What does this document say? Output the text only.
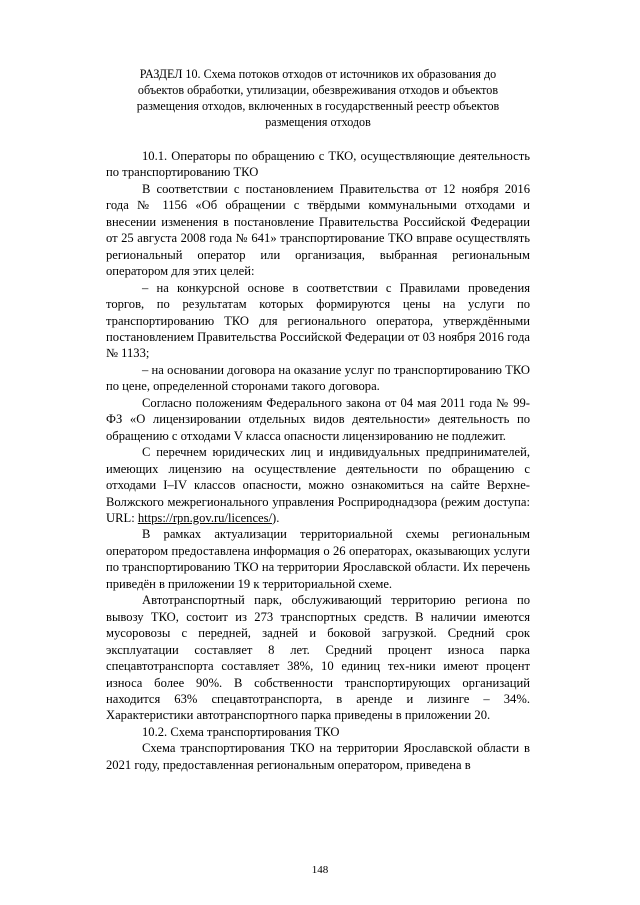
РАЗДЕЛ 10. Схема потоков отходов от источников их образования до
объектов обработки, утилизации, обезвреживания отходов и объектов
размещения отходов, включенных в государственный реестр объектов
размещения отходов

10.1. Операторы по обращению с ТКО, осуществляющие деятельность по транспортированию ТКО

В соответствии с постановлением Правительства от 12 ноября 2016 года № 1156 «Об обращении с твёрдыми коммунальными отходами и внесении изменения в постановление Правительства Российской Федерации от 25 августа 2008 года № 641» транспортирование ТКО вправе осуществлять региональный оператор или организация, выбранная региональным оператором для этих целей:

– на конкурсной основе в соответствии с Правилами проведения торгов, по результатам которых формируются цены на услуги по транспортированию ТКО для регионального оператора, утверждёнными постановлением Правительства Российской Федерации от 03 ноября 2016 года № 1133;

– на основании договора на оказание услуг по транспортированию ТКО по цене, определенной сторонами такого договора.

Согласно положениям Федерального закона от 04 мая 2011 года № 99-ФЗ «О лицензировании отдельных видов деятельности» деятельность по обращению с отходами V класса опасности лицензированию не подлежит.

С перечнем юридических лиц и индивидуальных предпринимателей, имеющих лицензию на осуществление деятельности по обращению с отходами I–IV классов опасности, можно ознакомиться на сайте Верхне-Волжского межрегионального управления Росприроднадзора (режим доступа: URL: https://rpn.gov.ru/licences/).

В рамках актуализации территориальной схемы региональным оператором предоставлена информация о 26 операторах, оказывающих услуги по транспортированию ТКО на территории Ярославской области. Их перечень приведён в приложении 19 к территориальной схеме.

Автотранспортный парк, обслуживающий территорию региона по вывозу ТКО, состоит из 273 транспортных средств. В наличии имеются мусоровозы с передней, задней и боковой загрузкой. Средний срок эксплуатации составляет 8 лет. Средний процент износа парка спецавтотранспорта составляет 38%, 10 единиц тех-ники имеют процент износа более 90%. В собственности транспортирующих организаций находится 63% спецавтотранспорта, в аренде и лизинге – 34%. Характеристики автотранспортного парка приведены в приложении 20.

10.2. Схема транспортирования ТКО

Схема транспортирования ТКО на территории Ярославской области в 2021 году, предоставленная региональным оператором, приведена в

148
